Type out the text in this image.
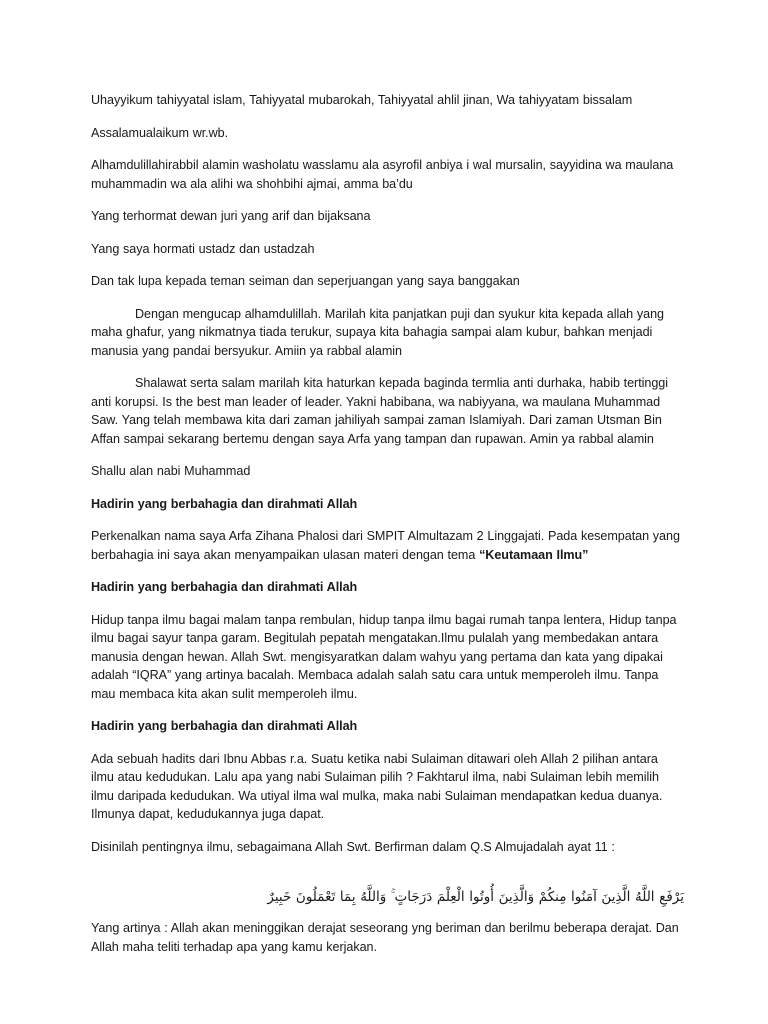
Uhayyikum tahiyyatal islam, Tahiyyatal mubarokah, Tahiyyatal ahlil jinan, Wa tahiyyatam bissalam

Assalamualaikum wr.wb.

Alhamdulillahirabbil alamin washolatu wasslamu ala asyrofil anbiya i wal mursalin, sayyidina wa maulana muhammadin wa ala alihi wa shohbihi ajmai, amma ba’du

Yang terhormat dewan juri yang arif dan bijaksana

Yang saya hormati ustadz dan ustadzah

Dan tak lupa kepada teman seiman dan seperjuangan yang saya banggakan

Dengan mengucap alhamdulillah. Marilah kita panjatkan puji dan syukur kita kepada allah yang maha ghafur, yang nikmatnya tiada terukur, supaya kita bahagia sampai alam kubur, bahkan menjadi manusia yang pandai bersyukur. Amiin ya rabbal alamin

Shalawat serta salam marilah kita haturkan kepada baginda termlia anti durhaka, habib tertinggi anti korupsi. Is the best man leader of leader. Yakni habibana, wa nabiyyana, wa maulana Muhammad Saw. Yang telah membawa kita dari zaman jahiliyah sampai zaman Islamiyah. Dari zaman Utsman Bin Affan sampai sekarang bertemu dengan saya Arfa yang tampan dan rupawan. Amin ya rabbal alamin

Shallu alan nabi Muhammad

Hadirin yang berbahagia dan dirahmati Allah

Perkenalkan nama saya Arfa Zihana Phalosi dari SMPIT Almultazam 2 Linggajati. Pada kesempatan yang berbahagia ini saya akan menyampaikan ulasan materi dengan tema “Keutamaan Ilmu”

Hadirin yang berbahagia dan dirahmati Allah

Hidup tanpa ilmu bagai malam tanpa rembulan, hidup tanpa ilmu bagai rumah tanpa lentera, Hidup tanpa ilmu bagai sayur tanpa garam. Begitulah pepatah mengatakan.Ilmu pulalah yang membedakan antara manusia dengan hewan. Allah Swt. mengisyaratkan dalam wahyu yang pertama dan kata yang dipakai adalah “IQRA” yang artinya bacalah. Membaca adalah salah satu cara untuk memperoleh ilmu. Tanpa mau membaca kita akan sulit memperoleh ilmu.

Hadirin yang berbahagia dan dirahmati Allah

Ada sebuah hadits dari Ibnu Abbas r.a. Suatu ketika nabi Sulaiman ditawari oleh Allah 2 pilihan antara ilmu atau kedudukan. Lalu apa yang nabi Sulaiman pilih ? Fakhtarul ilma, nabi Sulaiman lebih memilih ilmu daripada kedudukan. Wa utiyal ilma wal mulka, maka nabi Sulaiman mendapatkan kedua duanya. Ilmunya dapat, kedudukannya juga dapat.

Disinilah pentingnya ilmu, sebagaimana Allah Swt. Berfirman dalam Q.S Almujadalah ayat 11 :

يَرْفَعِ اللَّهُ الَّذِينَ آمَنُوا مِنكُمْ وَالَّذِينَ أُوتُوا الْعِلْمَ دَرَجَاتٍ ۚ وَاللَّهُ بِمَا تَعْمَلُونَ خَبِيرٌ

Yang artinya : Allah akan meninggikan derajat seseorang yng beriman dan berilmu beberapa derajat. Dan Allah maha teliti terhadap apa yang kamu kerjakan.
